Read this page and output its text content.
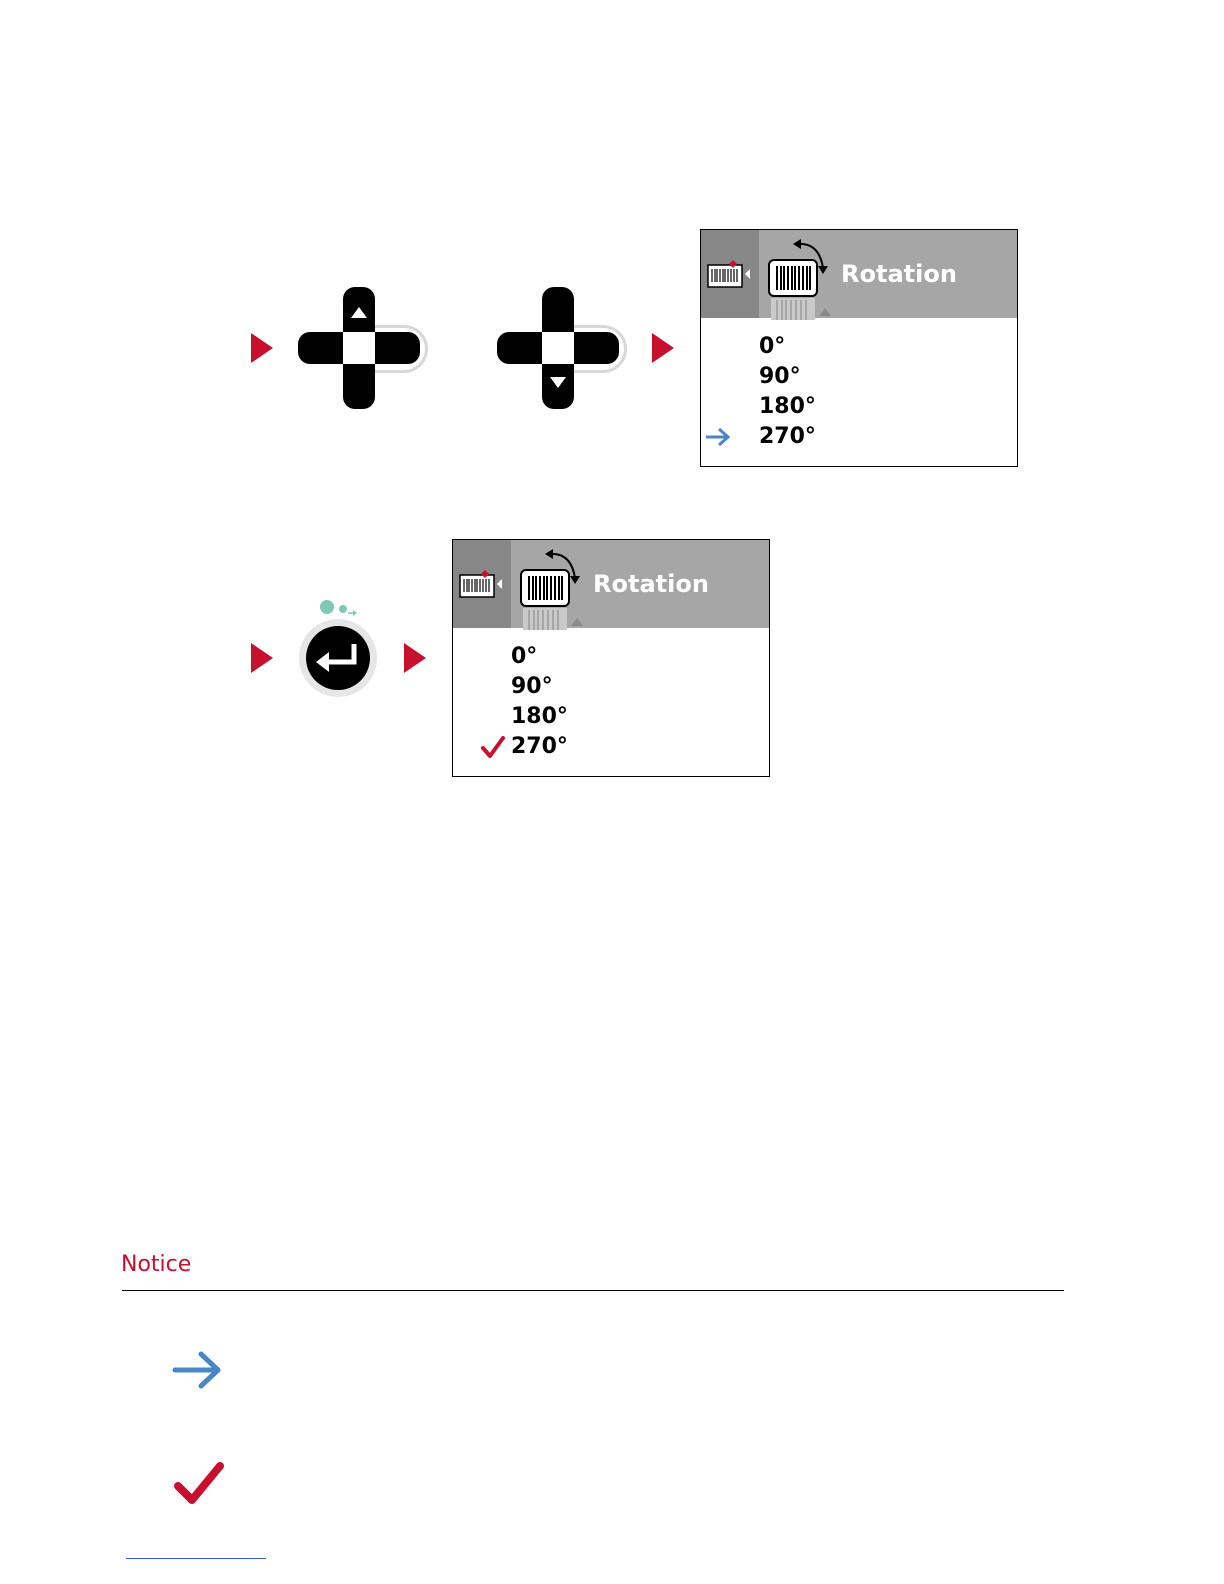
Rotation
0°
90°
180°
270°
Rotation
0°
90°
180°
270°
Notice
